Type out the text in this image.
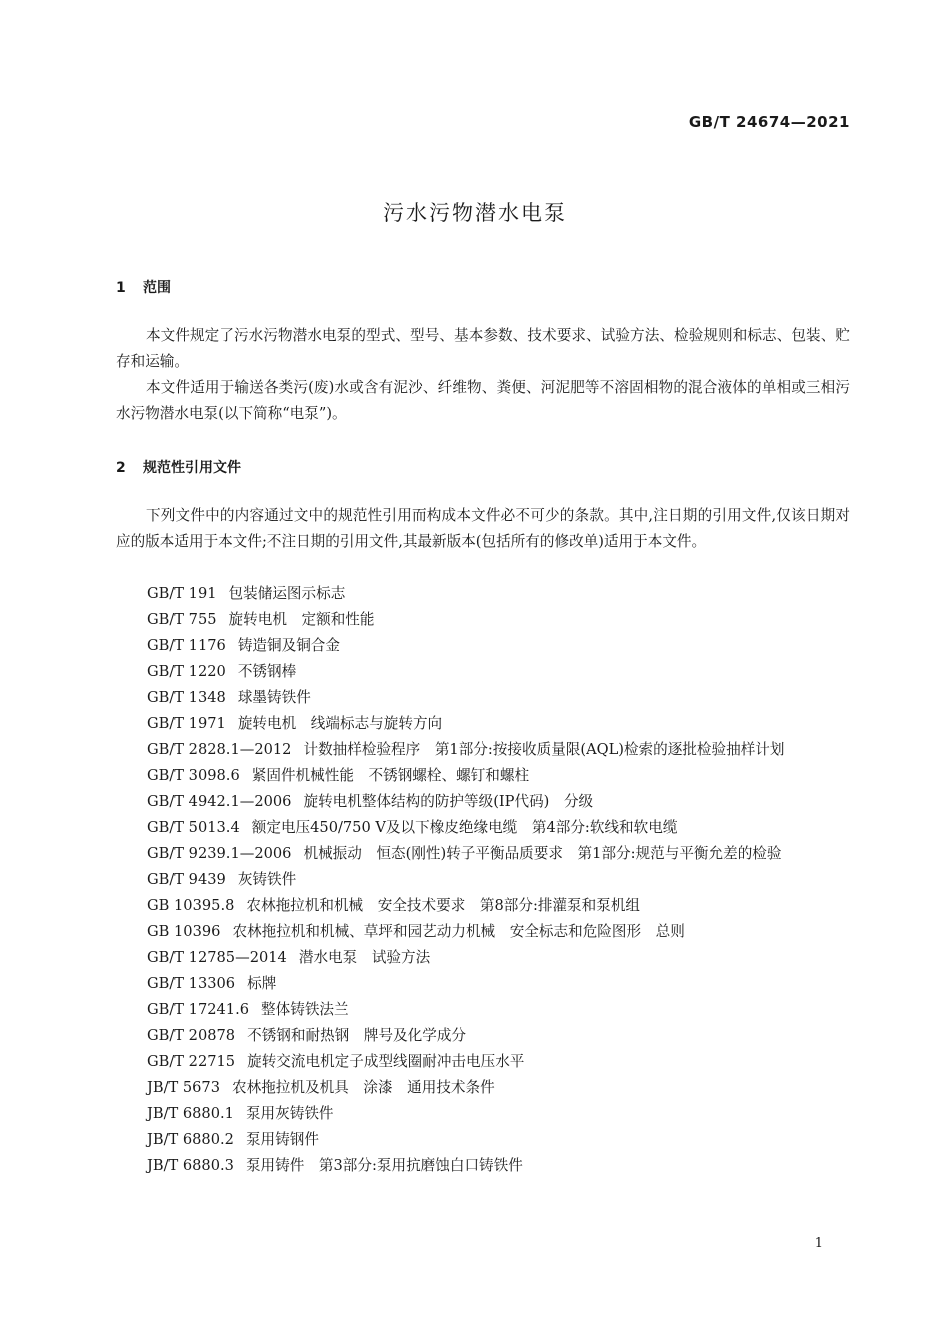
GB/T 24674—2021
污水污物潜水电泵
1 范围

本文件规定了污水污物潜水电泵的型式、型号、基本参数、技术要求、试验方法、检验规则和标志、包装、贮存和运输。

本文件适用于输送各类污(废)水或含有泥沙、纤维物、粪便、河泥肥等不溶固相物的混合液体的单相或三相污水污物潜水电泵(以下简称“电泵”)。

2 规范性引用文件

下列文件中的内容通过文中的规范性引用而构成本文件必不可少的条款。其中,注日期的引用文件,仅该日期对应的版本适用于本文件;不注日期的引用文件,其最新版本(包括所有的修改单)适用于本文件。

GB/T 191 包装储运图示标志
GB/T 755 旋转电机　定额和性能
GB/T 1176 铸造铜及铜合金
GB/T 1220 不锈钢棒
GB/T 1348 球墨铸铁件
GB/T 1971 旋转电机　线端标志与旋转方向
GB/T 2828.1—2012 计数抽样检验程序　第1部分:按接收质量限(AQL)检索的逐批检验抽样计划
GB/T 3098.6 紧固件机械性能　不锈钢螺栓、螺钉和螺柱
GB/T 4942.1—2006 旋转电机整体结构的防护等级(IP代码)　分级
GB/T 5013.4 额定电压450/750 V及以下橡皮绝缘电缆　第4部分:软线和软电缆
GB/T 9239.1—2006 机械振动　恒态(刚性)转子平衡品质要求　第1部分:规范与平衡允差的检验
GB/T 9439 灰铸铁件
GB 10395.8 农林拖拉机和机械　安全技术要求　第8部分:排灌泵和泵机组
GB 10396 农林拖拉机和机械、草坪和园艺动力机械　安全标志和危险图形　总则
GB/T 12785—2014 潜水电泵　试验方法
GB/T 13306 标牌
GB/T 17241.6 整体铸铁法兰
GB/T 20878 不锈钢和耐热钢　牌号及化学成分
GB/T 22715 旋转交流电机定子成型线圈耐冲击电压水平
JB/T 5673 农林拖拉机及机具　涂漆　通用技术条件
JB/T 6880.1 泵用灰铸铁件
JB/T 6880.2 泵用铸钢件
JB/T 6880.3 泵用铸件　第3部分:泵用抗磨蚀白口铸铁件
1
